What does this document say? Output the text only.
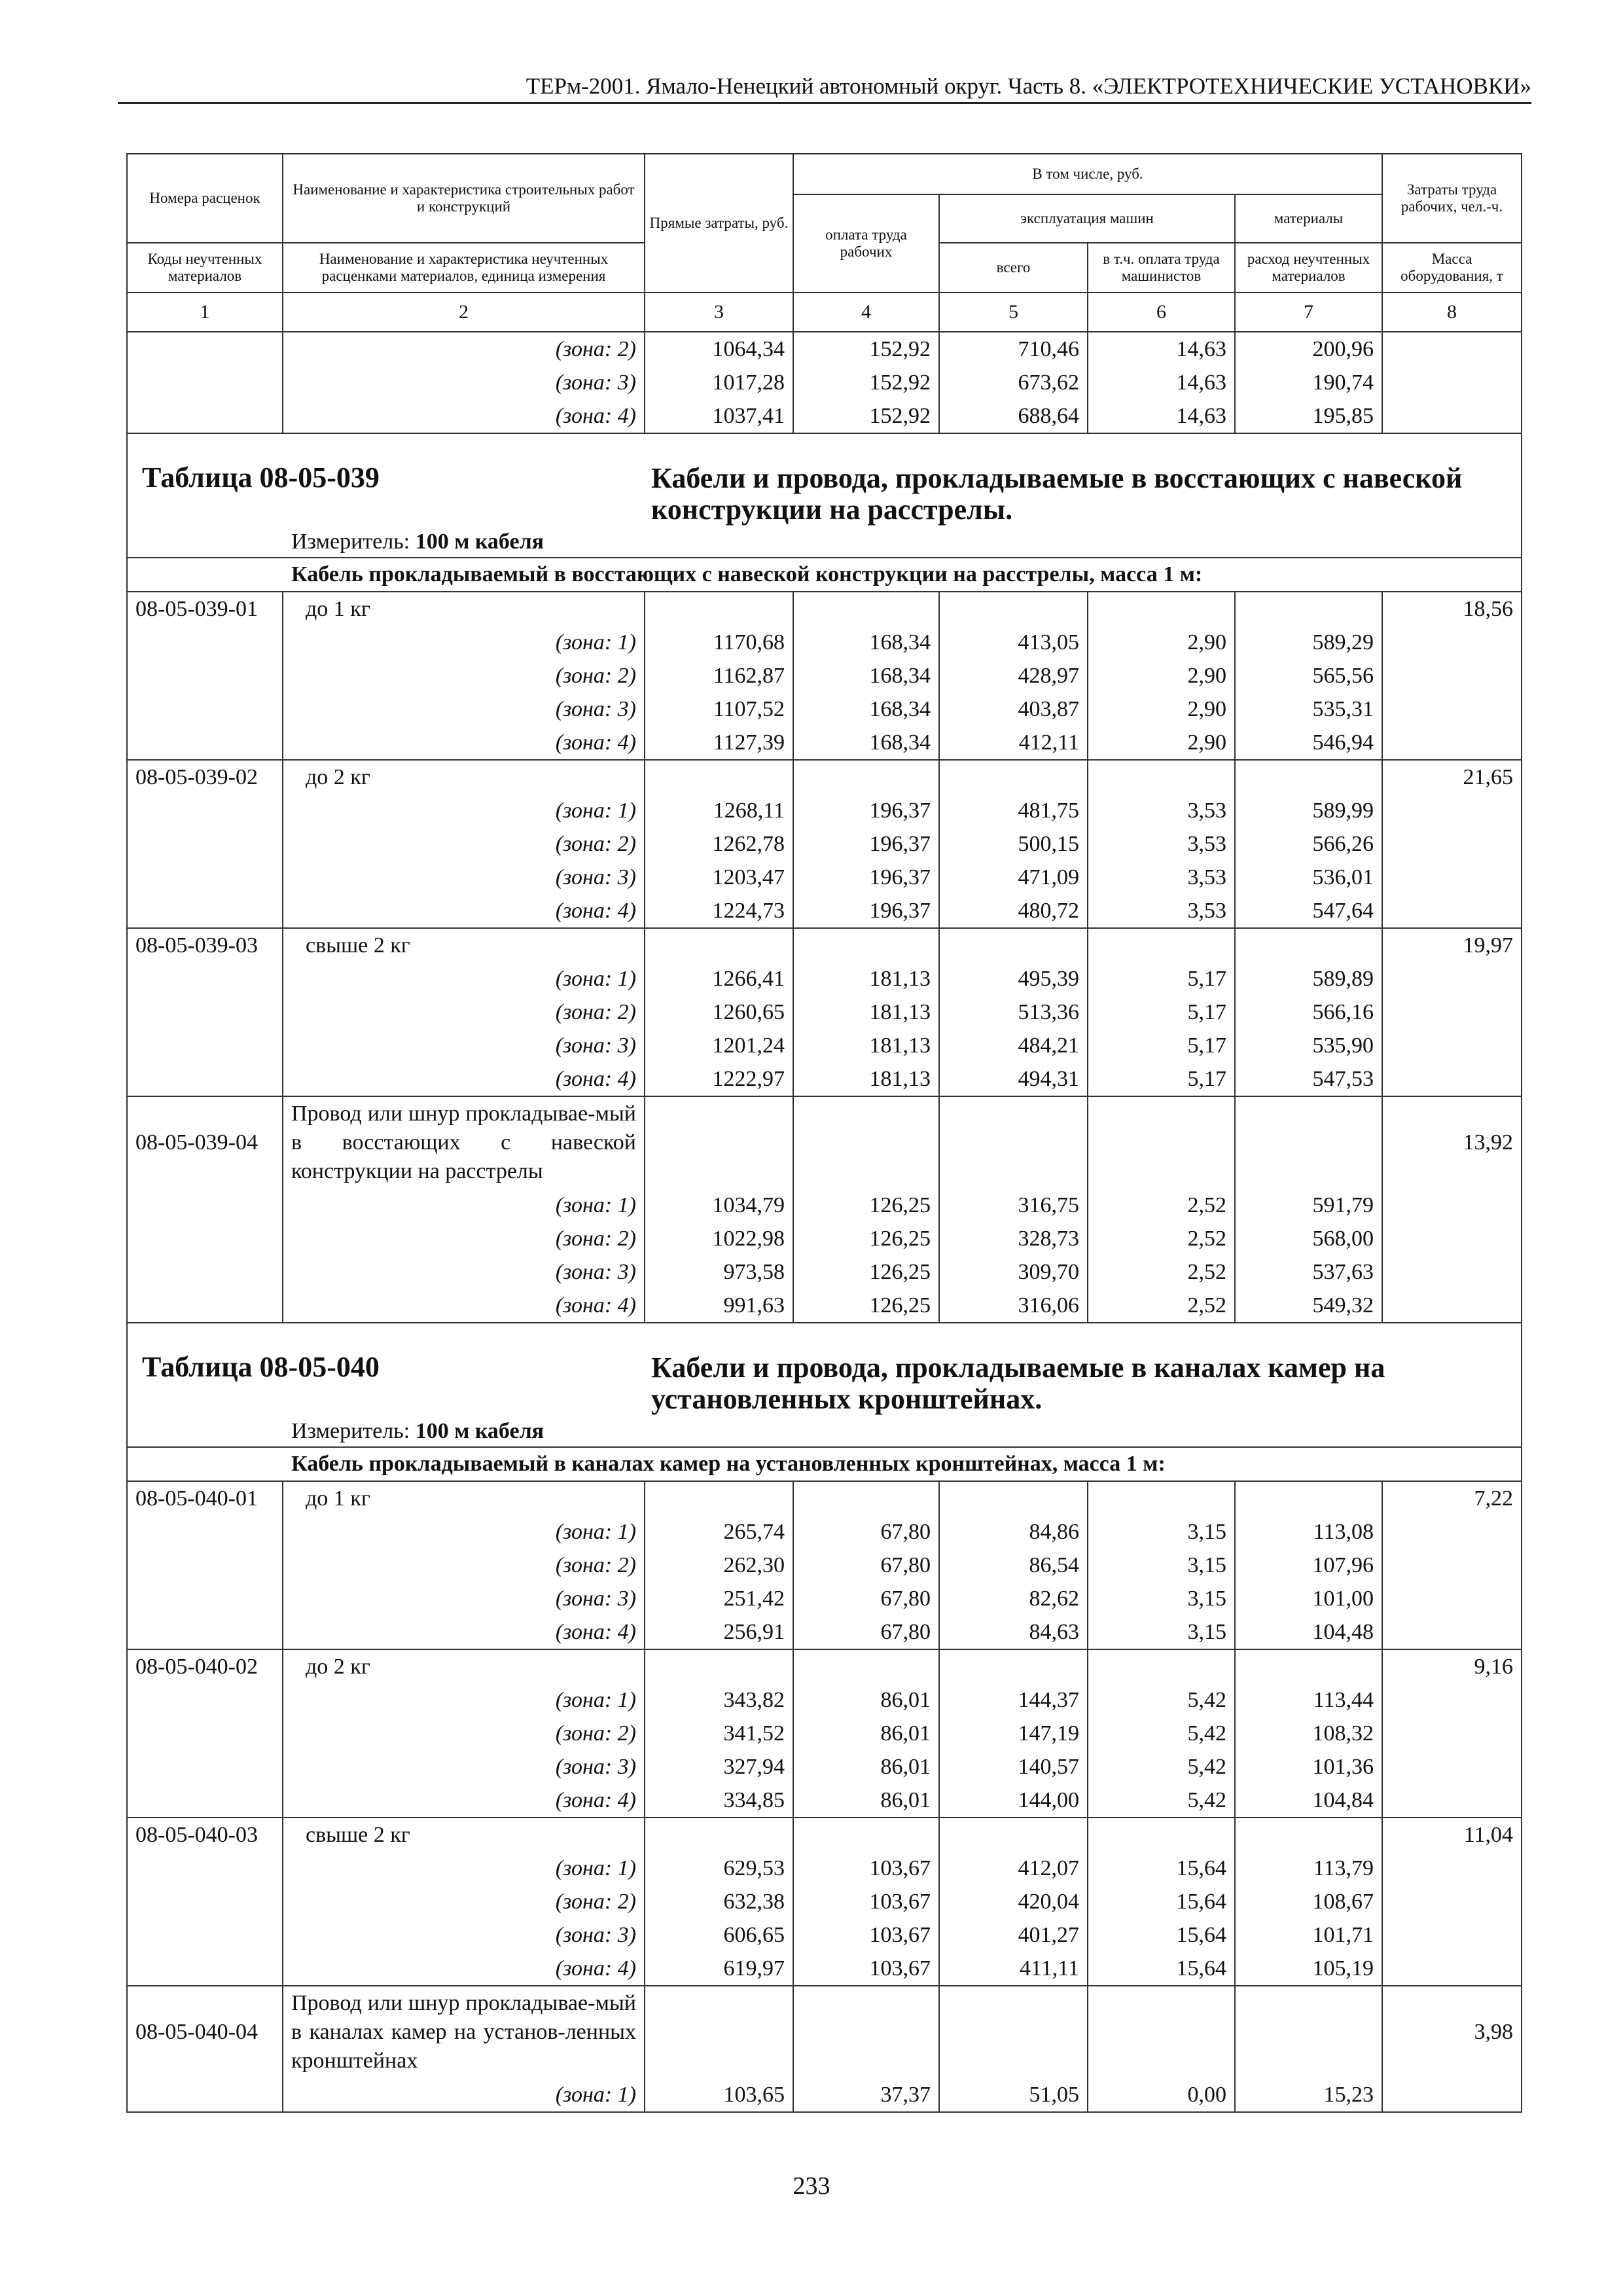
ТЕРм-2001. Ямало-Ненецкий автономный округ. Часть 8. «ЭЛЕКТРОТЕХНИЧЕСКИЕ УСТАНОВКИ»
Номера расценок	Наименование и характеристика строительных работ и конструкций	Прямые затраты, руб.	В том числе, руб.				Затраты труда рабочих, чел.-ч.
			оплата труда рабочих	эксплуатация машин		материалы	
Коды неучтенных материалов	Наименование и характеристика неучтенных расценками материалов, единица измерения			всего	в т.ч. оплата труда машинистов	расход неучтенных материалов	Масса оборудования, т
1	2	3	4	5	6	7	8
	(зона: 2)	1064,34	152,92	710,46	14,63	200,96	
	(зона: 3)	1017,28	152,92	673,62	14,63	190,74	
	(зона: 4)	1037,41	152,92	688,64	14,63	195,85	

Таблица 08-05-039 Кабели и провода, прокладываемые в восстающих с навеской конструкции на расстрелы.
Измеритель: 100 м кабеля							

Кабель прокладываемый в восстающих с навеской конструкции на расстрелы, масса 1 м:							
08-05-039-01	до 1 кг						18,56
	(зона: 1)	1170,68	168,34	413,05	2,90	589,29	
	(зона: 2)	1162,87	168,34	428,97	2,90	565,56	
	(зона: 3)	1107,52	168,34	403,87	2,90	535,31	
	(зона: 4)	1127,39	168,34	412,11	2,90	546,94	
08-05-039-02	до 2 кг						21,65
	(зона: 1)	1268,11	196,37	481,75	3,53	589,99	
	(зона: 2)	1262,78	196,37	500,15	3,53	566,26	
	(зона: 3)	1203,47	196,37	471,09	3,53	536,01	
	(зона: 4)	1224,73	196,37	480,72	3,53	547,64	
08-05-039-03	свыше 2 кг						19,97
	(зона: 1)	1266,41	181,13	495,39	5,17	589,89	
	(зона: 2)	1260,65	181,13	513,36	5,17	566,16	
	(зона: 3)	1201,24	181,13	484,21	5,17	535,90	
	(зона: 4)	1222,97	181,13	494,31	5,17	547,53	
08-05-039-04	Провод или шнур прокладывае-мый в восстающих с навеской конструкции на расстрелы						13,92
	(зона: 1)	1034,79	126,25	316,75	2,52	591,79	
	(зона: 2)	1022,98	126,25	328,73	2,52	568,00	
	(зона: 3)	973,58	126,25	309,70	2,52	537,63	
	(зона: 4)	991,63	126,25	316,06	2,52	549,32	

Таблица 08-05-040 Кабели и провода, прокладываемые в каналах камер на установленных кронштейнах.
Измеритель: 100 м кабеля							

Кабель прокладываемый в каналах камер на установленных кронштейнах, масса 1 м:							
08-05-040-01	до 1 кг						7,22
	(зона: 1)	265,74	67,80	84,86	3,15	113,08	
	(зона: 2)	262,30	67,80	86,54	3,15	107,96	
	(зона: 3)	251,42	67,80	82,62	3,15	101,00	
	(зона: 4)	256,91	67,80	84,63	3,15	104,48	
08-05-040-02	до 2 кг						9,16
	(зона: 1)	343,82	86,01	144,37	5,42	113,44	
	(зона: 2)	341,52	86,01	147,19	5,42	108,32	
	(зона: 3)	327,94	86,01	140,57	5,42	101,36	
	(зона: 4)	334,85	86,01	144,00	5,42	104,84	
08-05-040-03	свыше 2 кг						11,04
	(зона: 1)	629,53	103,67	412,07	15,64	113,79	
	(зона: 2)	632,38	103,67	420,04	15,64	108,67	
	(зона: 3)	606,65	103,67	401,27	15,64	101,71	
	(зона: 4)	619,97	103,67	411,11	15,64	105,19	
08-05-040-04	Провод или шнур прокладывае-мый в каналах камер на установ-ленных кронштейнах						3,98
	(зона: 1)	103,65	37,37	51,05	0,00	15,23	
233
